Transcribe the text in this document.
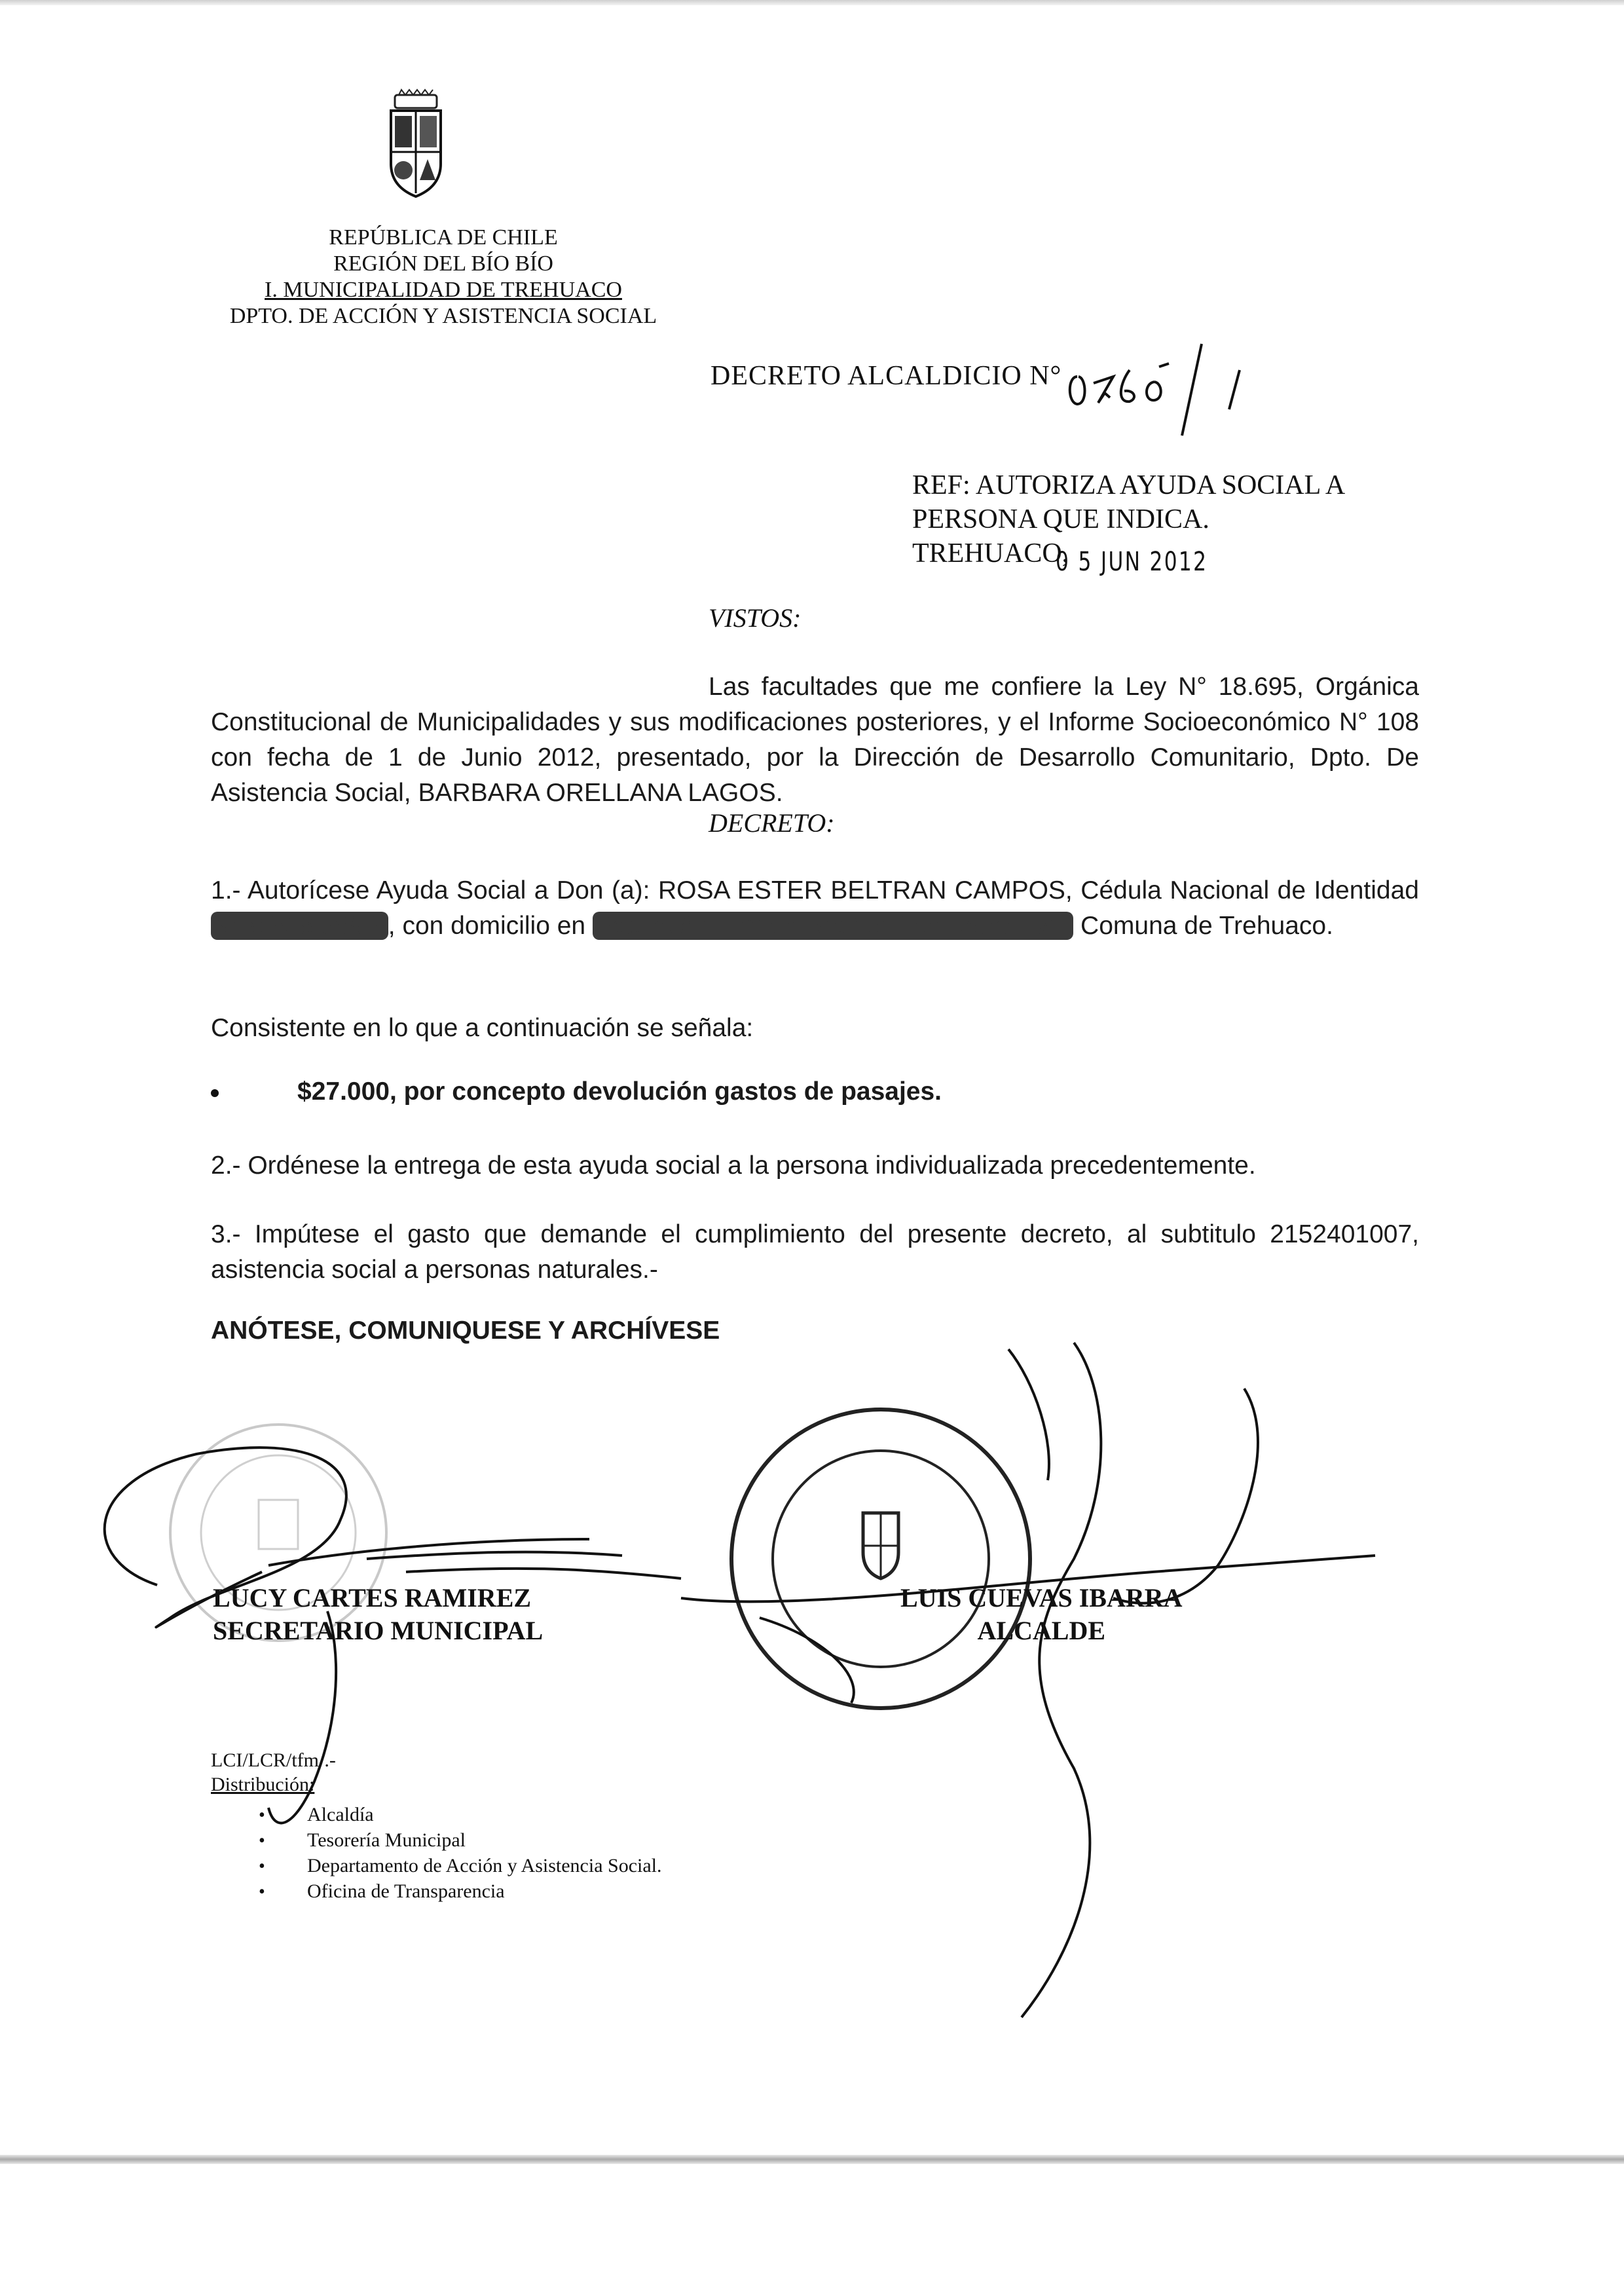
REPÚBLICA DE CHILE
REGIÓN DEL BÍO BÍO
I. MUNICIPALIDAD DE TREHUACO
DPTO. DE ACCIÓN Y ASISTENCIA SOCIAL
DECRETO ALCALDICIO N°
REF: AUTORIZA AYUDA SOCIAL A
PERSONA QUE INDICA.
TREHUACO,
0 5 JUN 2012
VISTOS:
Las facultades que me confiere la Ley N° 18.695, Orgánica Constitucional de Municipalidades y sus modificaciones posteriores, y el Informe Socioeconómico N° 108 con fecha de 1 de Junio 2012, presentado, por la Dirección de Desarrollo Comunitario, Dpto. De Asistencia Social, BARBARA ORELLANA LAGOS.
DECRETO:
1.- Autorícese Ayuda Social a Don (a): ROSA ESTER BELTRAN CAMPOS, Cédula Nacional de Identidad N° 8.508.668-5 , con domicilio en Población Hernan Brañas, Los Batros s/n, Comuna de Trehuaco.
Consistente en lo que a continuación se señala:
$27.000, por concepto devolución gastos de pasajes.
2.- Ordénese la entrega de esta ayuda social a la persona individualizada precedentemente.
3.- Impútese el gasto que demande el cumplimiento del presente decreto, al subtitulo 2152401007, asistencia social a personas naturales.-
ANÓTESE, COMUNIQUESE Y ARCHÍVESE
LUCY CARTES RAMIREZ
SECRETARIO MUNICIPAL
LUIS CUEVAS IBARRA
ALCALDE
LCI/LCR/tfm/.-
Distribución:
• Alcaldía
• Tesorería Municipal
• Departamento de Acción y Asistencia Social.
• Oficina de Transparencia
